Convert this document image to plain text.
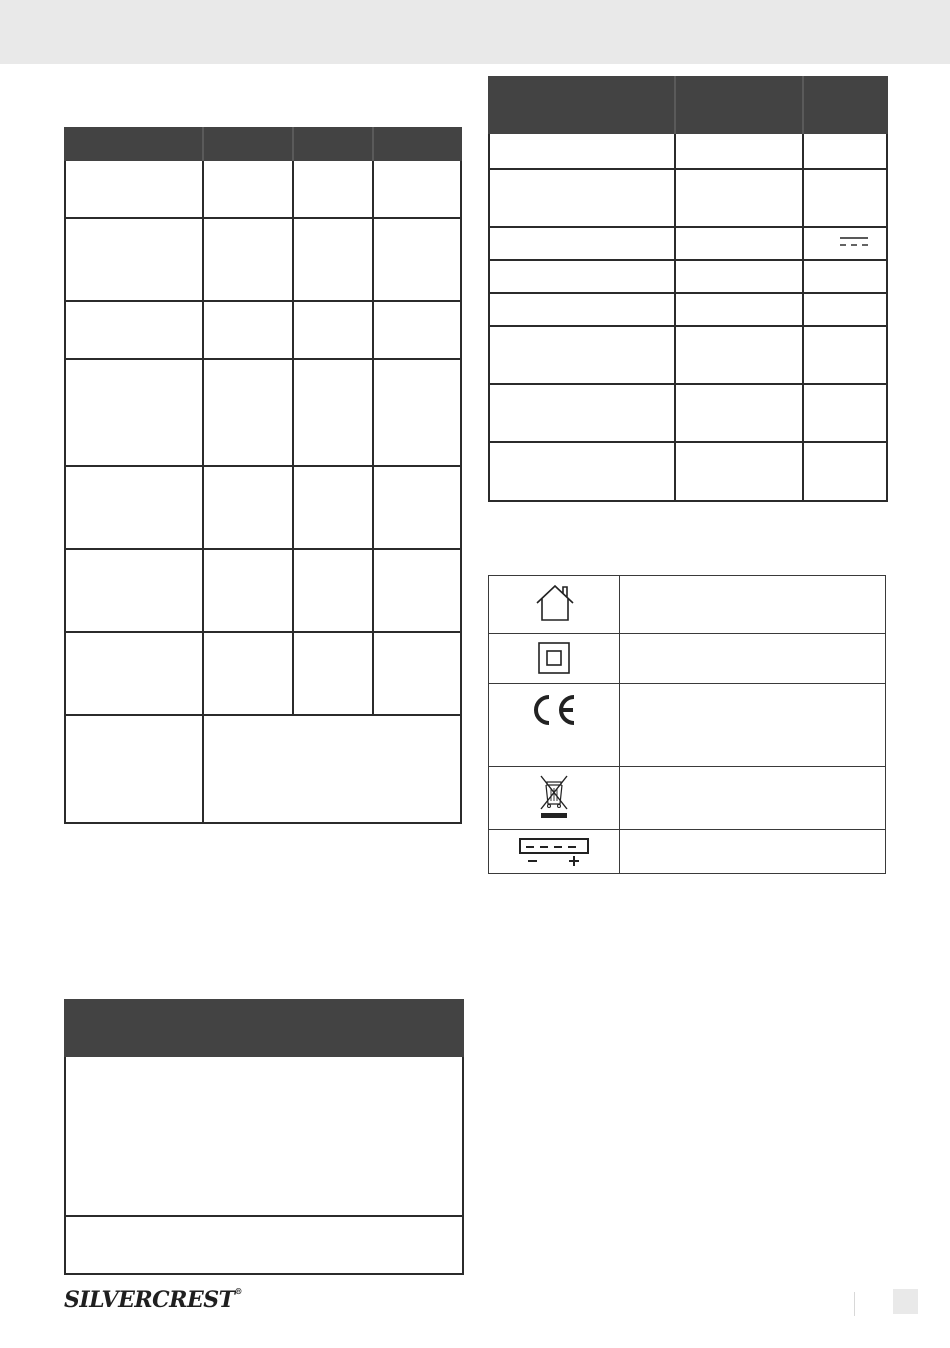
SILVERCREST®
